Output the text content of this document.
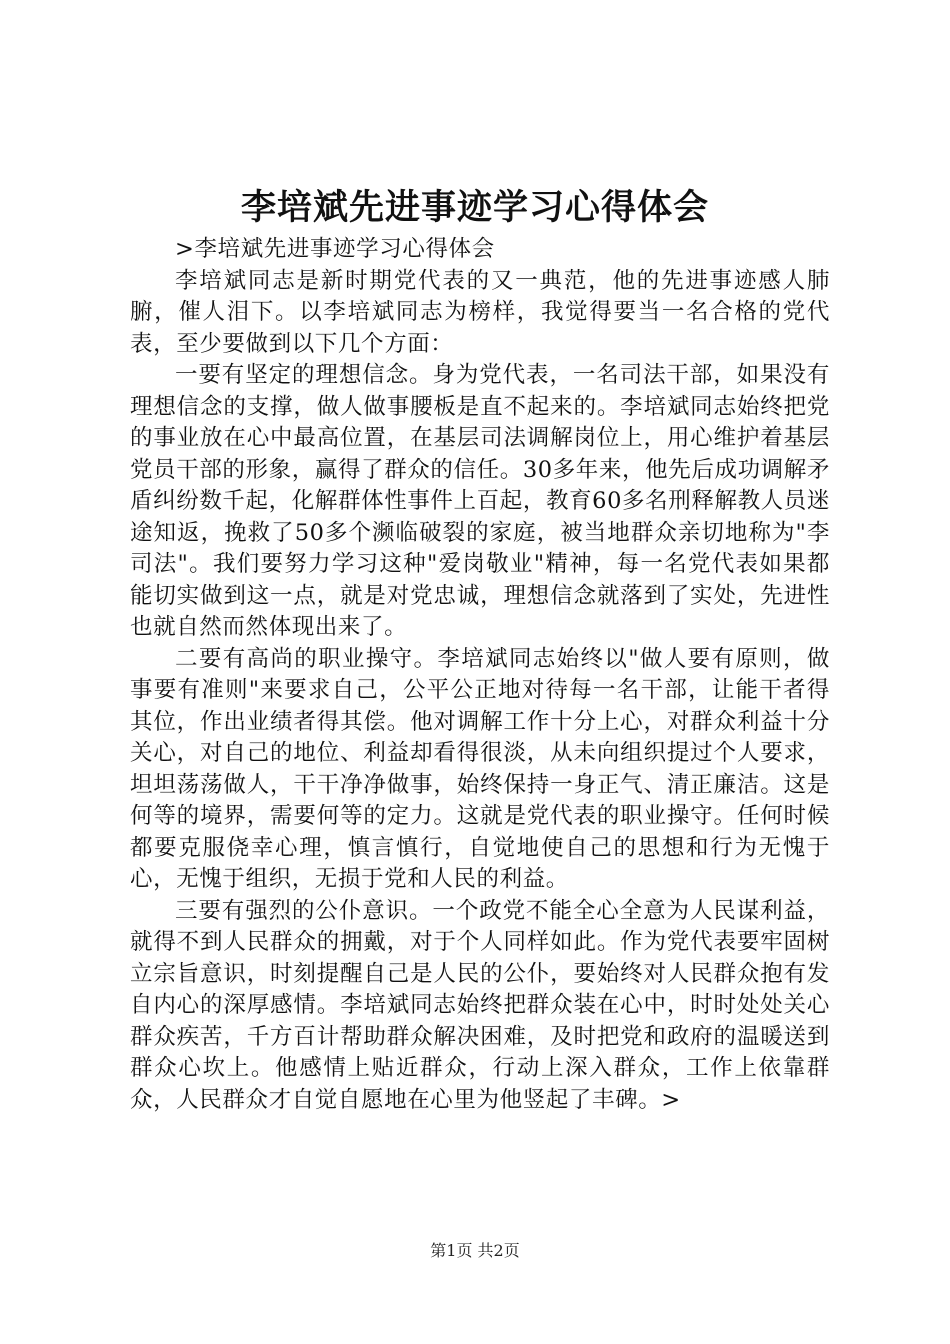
李培斌先进事迹学习心得体会

>李培斌先进事迹学习心得体会

李培斌同志是新时期党代表的又一典范，他的先进事迹感人肺腑，催人泪下。以李培斌同志为榜样，我觉得要当一名合格的党代表，至少要做到以下几个方面：

一要有坚定的理想信念。身为党代表，一名司法干部，如果没有理想信念的支撑，做人做事腰板是直不起来的。李培斌同志始终把党的事业放在心中最高位置，在基层司法调解岗位上，用心维护着基层党员干部的形象，赢得了群众的信任。30多年来，他先后成功调解矛盾纠纷数千起，化解群体性事件上百起，教育60多名刑释解教人员迷途知返，挽救了50多个濒临破裂的家庭，被当地群众亲切地称为"李司法"。我们要努力学习这种"爱岗敬业"精神，每一名党代表如果都能切实做到这一点，就是对党忠诚，理想信念就落到了实处，先进性也就自然而然体现出来了。

二要有高尚的职业操守。李培斌同志始终以"做人要有原则，做事要有准则"来要求自己，公平公正地对待每一名干部，让能干者得其位，作出业绩者得其偿。他对调解工作十分上心，对群众利益十分关心，对自己的地位、利益却看得很淡，从未向组织提过个人要求，坦坦荡荡做人，干干净净做事，始终保持一身正气、清正廉洁。这是何等的境界，需要何等的定力。这就是党代表的职业操守。任何时候都要克服侥幸心理，慎言慎行，自觉地使自己的思想和行为无愧于心，无愧于组织，无损于党和人民的利益。

三要有强烈的公仆意识。一个政党不能全心全意为人民谋利益，就得不到人民群众的拥戴，对于个人同样如此。作为党代表要牢固树立宗旨意识，时刻提醒自己是人民的公仆，要始终对人民群众抱有发自内心的深厚感情。李培斌同志始终把群众装在心中，时时处处关心群众疾苦，千方百计帮助群众解决困难，及时把党和政府的温暖送到群众心坎上。他感情上贴近群众，行动上深入群众，工作上依靠群众，人民群众才自觉自愿地在心里为他竖起了丰碑。>

第1页 共2页
